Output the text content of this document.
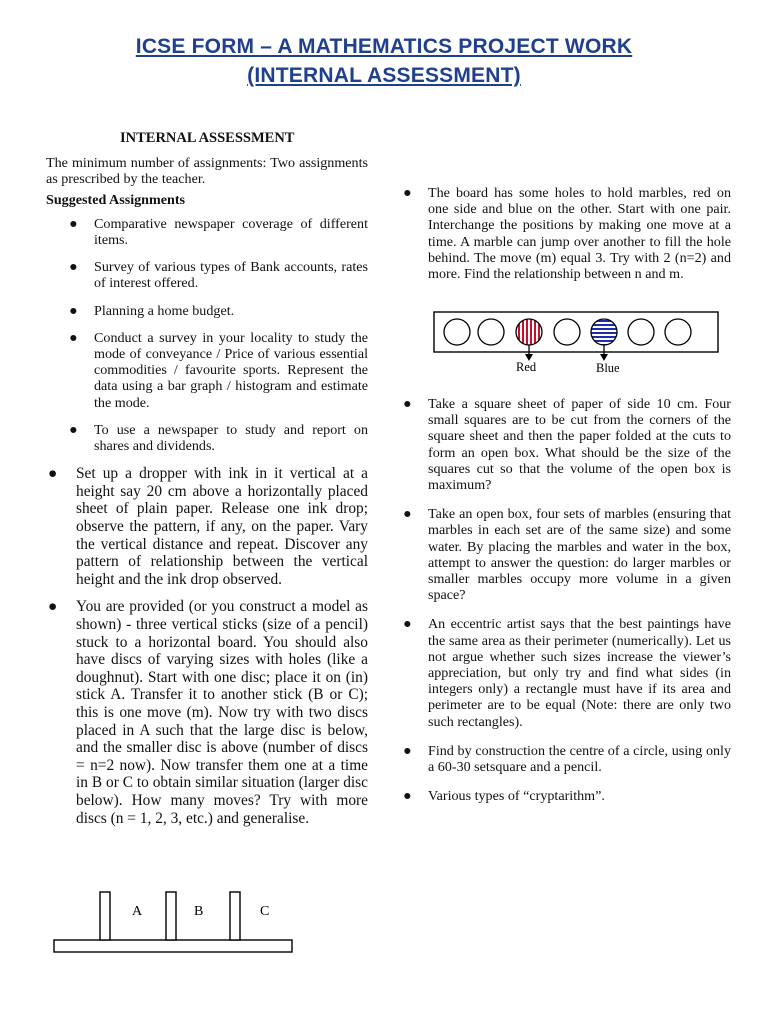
ICSE FORM – A MATHEMATICS PROJECT WORK
(INTERNAL ASSESSMENT)
INTERNAL ASSESSMENT
The minimum number of assignments: Two assignments as prescribed by the teacher.
Suggested Assignments
● Comparative newspaper coverage of different items.
● Survey of various types of Bank accounts, rates of interest offered.
● Planning a home budget.
● Conduct a survey in your locality to study the mode of conveyance / Price of various essential commodities / favourite sports. Represent the data using a bar graph / histogram and estimate the mode.
● To use a newspaper to study and report on shares and dividends.
● Set up a dropper with ink in it vertical at a height say 20 cm above a horizontally placed sheet of plain paper. Release one ink drop; observe the pattern, if any, on the paper. Vary the vertical distance and repeat. Discover any pattern of relationship between the vertical height and the ink drop observed.
● You are provided (or you construct a model as shown) - three vertical sticks (size of a pencil) stuck to a horizontal board. You should also have discs of varying sizes with holes (like a doughnut). Start with one disc; place it on (in) stick A. Transfer it to another stick (B or C); this is one move (m). Now try with two discs placed in A such that the large disc is below, and the smaller disc is above (number of discs = n=2 now). Now transfer them one at a time in B or C to obtain similar situation (larger disc below). How many moves? Try with more discs (n = 1, 2, 3, etc.) and generalise.
A	B	C
● The board has some holes to hold marbles, red on one side and blue on the other. Start with one pair. Interchange the positions by making one move at a time. A marble can jump over another to fill the hole behind. The move (m) equal 3. Try with 2 (n=2) and more. Find the relationship between n and m.
Red	Blue
● Take a square sheet of paper of side 10 cm. Four small squares are to be cut from the corners of the square sheet and then the paper folded at the cuts to form an open box. What should be the size of the squares cut so that the volume of the open box is maximum?
● Take an open box, four sets of marbles (ensuring that marbles in each set are of the same size) and some water. By placing the marbles and water in the box, attempt to answer the question: do larger marbles or smaller marbles occupy more volume in a given space?
● An eccentric artist says that the best paintings have the same area as their perimeter (numerically). Let us not argue whether such sizes increase the viewer’s appreciation, but only try and find what sides (in integers only) a rectangle must have if its area and perimeter are to be equal (Note: there are only two such rectangles).
● Find by construction the centre of a circle, using only a 60-30 setsquare and a pencil.
● Various types of “cryptarithm”.
